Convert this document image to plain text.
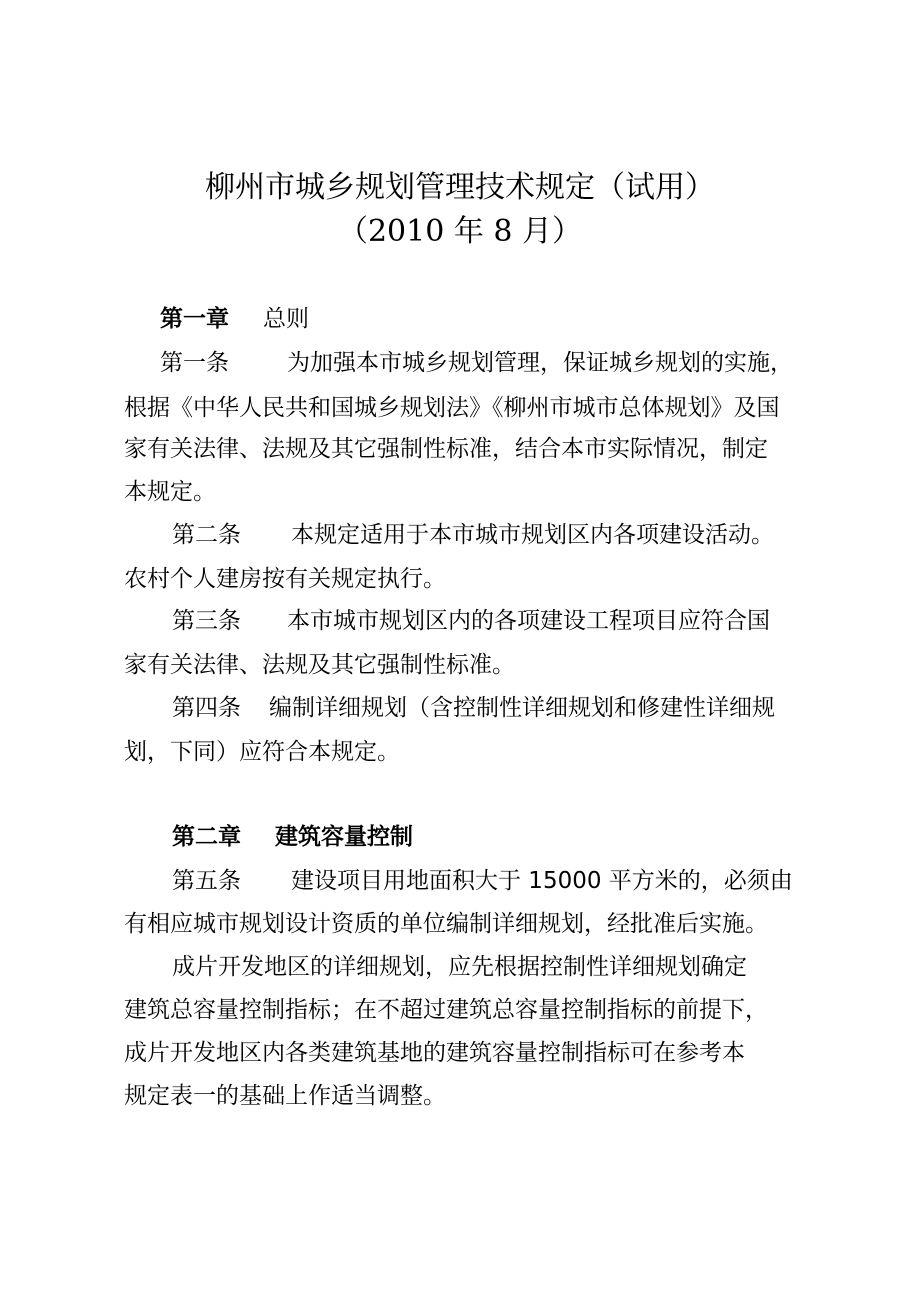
柳州市城乡规划管理技术规定（试用）
（2010 年 8 月）
第一章 总则
第一条	为加强本市城乡规划管理，保证城乡规划的实施，
根据《中华人民共和国城乡规划法》《柳州市城市总体规划》及国
家有关法律、法规及其它强制性标准，结合本市实际情况，制定
本规定。
第二条 本规定适用于本市城市规划区内各项建设活动。
农村个人建房按有关规定执行。
第三条 本市城市规划区内的各项建设工程项目应符合国
家有关法律、法规及其它强制性标准。
第四条 编制详细规划（含控制性详细规划和修建性详细规
划，下同）应符合本规定。
第二章 建筑容量控制
第五条 建设项目用地面积大于 15000 平方米的，必须由
有相应城市规划设计资质的单位编制详细规划，经批准后实施。
成片开发地区的详细规划，应先根据控制性详细规划确定
建筑总容量控制指标；在不超过建筑总容量控制指标的前提下，
成片开发地区内各类建筑基地的建筑容量控制指标可在参考本
规定表一的基础上作适当调整。
